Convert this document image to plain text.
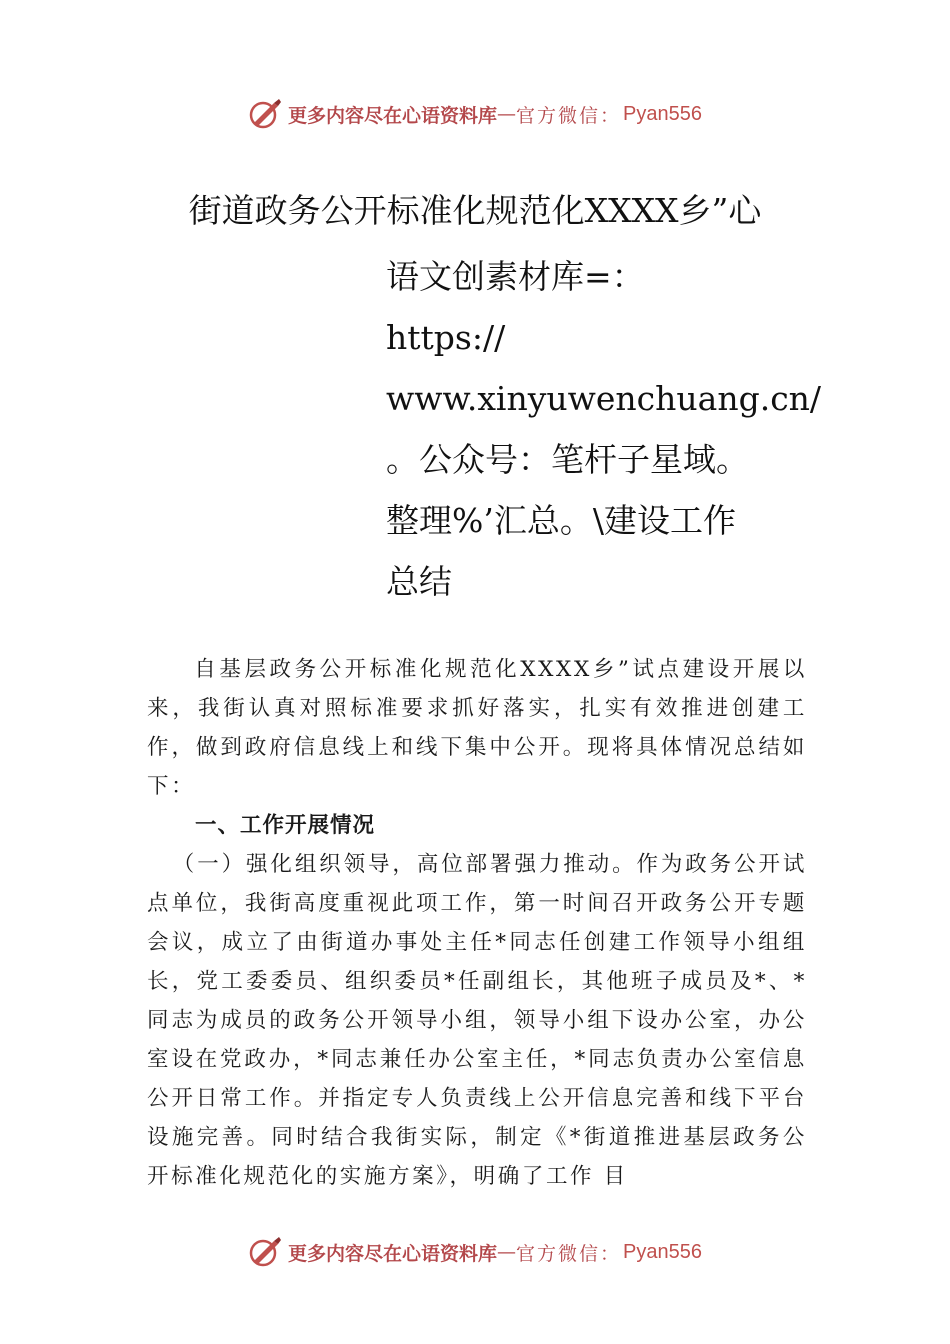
更多内容尽在心语资料库 — 官方微信： Pyan556
街道政务公开标准化规范化XXXX乡”心
语文创素材库=：
https://
www.xinyuwenchuang.cn/
。公众号：笔杆子星域。
整理%’汇总。\建设工作
总结

自基层政务公开标准化规范化XXXX乡”试点建设开展以来，我街认真对照标准要求抓好落实，扎实有效推进创建工作，做到政府信息线上和线下集中公开。现将具体情况总结如下：

一、工作开展情况

（一）强化组织领导，高位部署强力推动。作为政务公开试点单位，我街高度重视此项工作，第一时间召开政务公开专题会议，成立了由街道办事处主任*同志任创建工作领导小组组长，党工委委员、组织委员*任副组长，其他班子成员及*、*同志为成员的政务公开领导小组，领导小组下设办公室，办公室设在党政办，*同志兼任办公室主任，*同志负责办公室信息公开日常工作。并指定专人负责线上公开信息完善和线下平台设施完善。同时结合我街实际，制定《*街道推进基层政务公开标准化规范化的实施方案》，明确了工作 目

更多内容尽在心语资料库 — 官方微信： Pyan556
